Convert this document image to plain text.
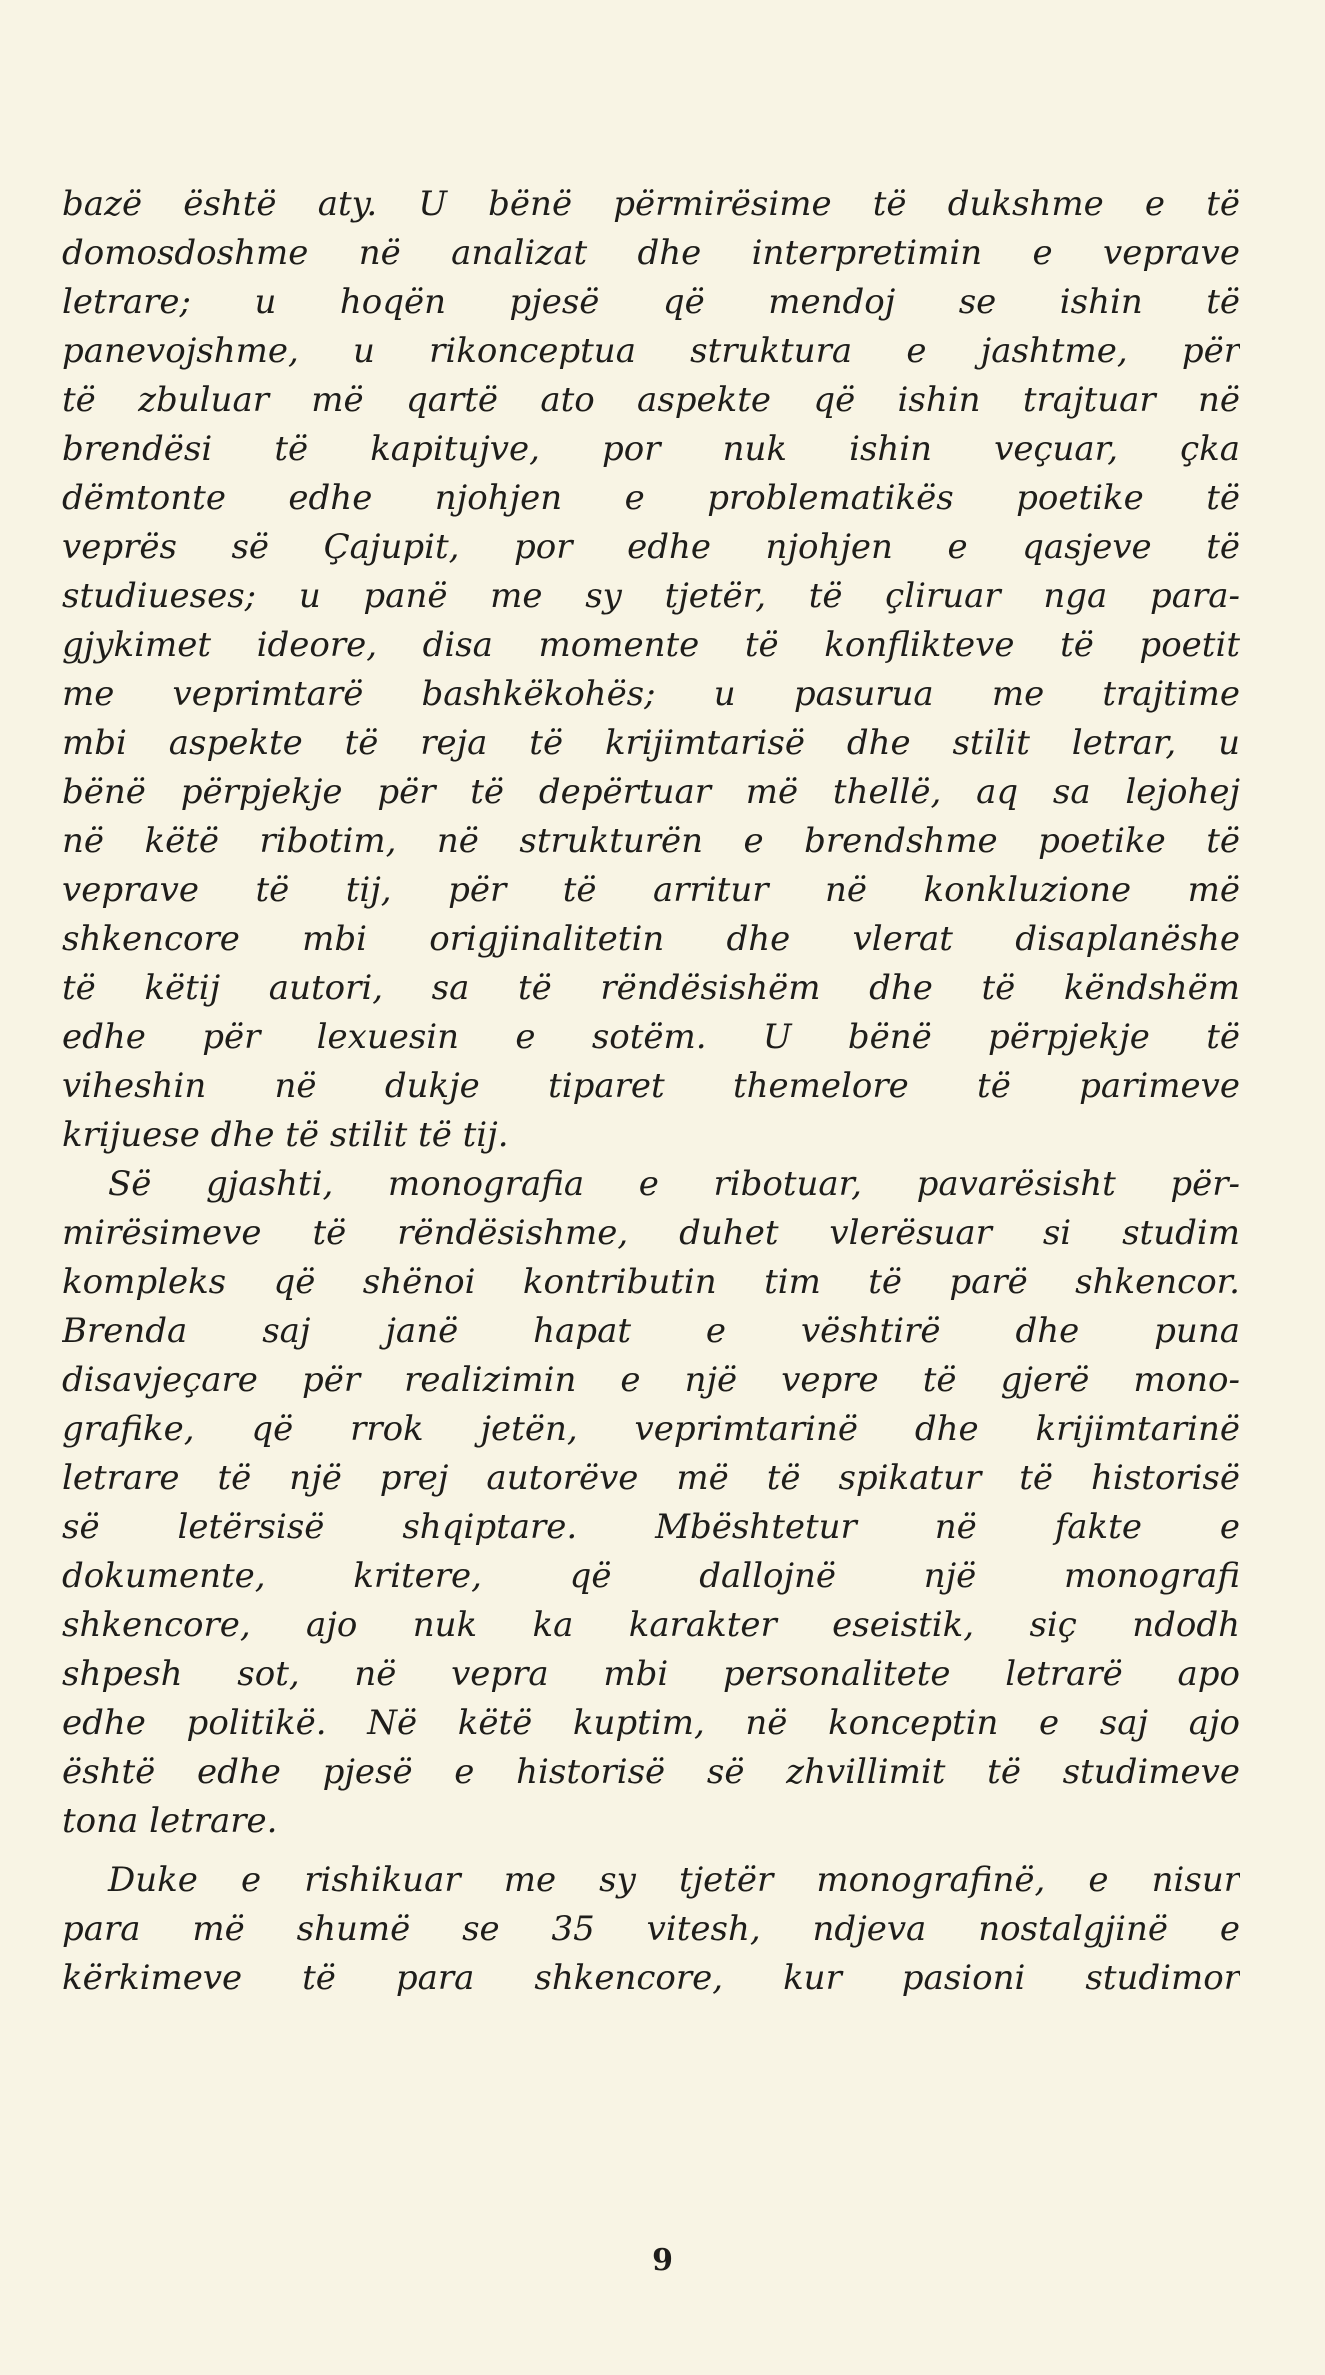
bazë është aty. U bënë përmirësime të dukshme e të
domosdoshme në analizat dhe interpretimin e veprave
letrare; u hoqën pjesë që mendoj se ishin të
panevojshme, u rikonceptua struktura e jashtme, për
të zbuluar më qartë ato aspekte që ishin trajtuar në
brendësi të kapitujve, por nuk ishin veçuar, çka
dëmtonte edhe njohjen e problematikës poetike të
veprës së Çajupit, por edhe njohjen e qasjeve të
studiueses; u panë me sy tjetër, të çliruar nga para-
gjykimet ideore, disa momente të konflikteve të poetit
me veprimtarë bashkëkohës; u pasurua me trajtime
mbi aspekte të reja të krijimtarisë dhe stilit letrar, u
bënë përpjekje për të depërtuar më thellë, aq sa lejohej
në këtë ribotim, në strukturën e brendshme poetike të
veprave të tij, për të arritur në konkluzione më
shkencore mbi origjinalitetin dhe vlerat disaplanëshe
të këtij autori, sa të rëndësishëm dhe të këndshëm
edhe për lexuesin e sotëm. U bënë përpjekje të
viheshin në dukje tiparet themelore të parimeve
krijuese dhe të stilit të tij.
Së gjashti, monografia e ribotuar, pavarësisht për-
mirësimeve të rëndësishme, duhet vlerësuar si studim
kompleks që shënoi kontributin tim të parë shkencor.
Brenda saj janë hapat e vështirë dhe puna
disavjeçare për realizimin e një vepre të gjerë mono-
grafike, që rrok jetën, veprimtarinë dhe krijimtarinë
letrare të një prej autorëve më të spikatur të historisë
së letërsisë shqiptare. Mbështetur në fakte e
dokumente, kritere, që dallojnë një monografi
shkencore, ajo nuk ka karakter eseistik, siç ndodh
shpesh sot, në vepra mbi personalitete letrarë apo
edhe politikë. Në këtë kuptim, në konceptin e saj ajo
është edhe pjesë e historisë së zhvillimit të studimeve
tona letrare.
Duke e rishikuar me sy tjetër monografinë, e nisur
para më shumë se 35 vitesh, ndjeva nostalgjinë e
kërkimeve të para shkencore, kur pasioni studimor
9
